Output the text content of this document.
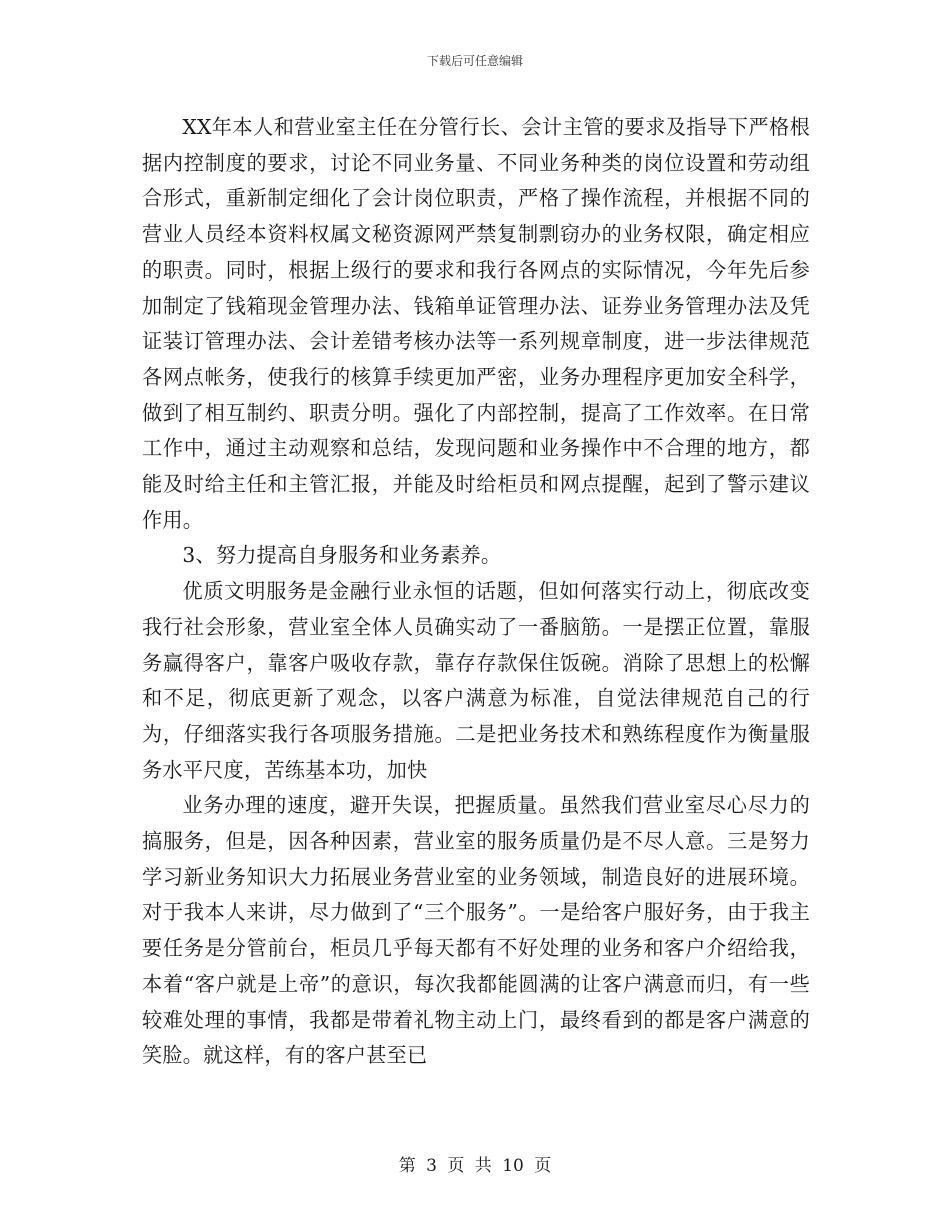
下载后可任意编辑

XX年本人和营业室主任在分管行长、会计主管的要求及指导下严格根据内控制度的要求，讨论不同业务量、不同业务种类的岗位设置和劳动组合形式，重新制定细化了会计岗位职责，严格了操作流程，并根据不同的营业人员经本资料权属文秘资源网严禁复制剽窃办的业务权限，确定相应的职责。同时，根据上级行的要求和我行各网点的实际情况，今年先后参加制定了钱箱现金管理办法、钱箱单证管理办法、证券业务管理办法及凭证装订管理办法、会计差错考核办法等一系列规章制度，进一步法律规范各网点帐务，使我行的核算手续更加严密，业务办理程序更加安全科学，做到了相互制约、职责分明。强化了内部控制，提高了工作效率。在日常工作中，通过主动观察和总结，发现问题和业务操作中不合理的地方，都能及时给主任和主管汇报，并能及时给柜员和网点提醒，起到了警示建议作用。

3、努力提高自身服务和业务素养。

优质文明服务是金融行业永恒的话题，但如何落实行动上，彻底改变我行社会形象，营业室全体人员确实动了一番脑筋。一是摆正位置，靠服务赢得客户，靠客户吸收存款，靠存存款保住饭碗。消除了思想上的松懈和不足，彻底更新了观念，以客户满意为标准，自觉法律规范自己的行为，仔细落实我行各项服务措施。二是把业务技术和熟练程度作为衡量服务水平尺度，苦练基本功，加快

业务办理的速度，避开失误，把握质量。虽然我们营业室尽心尽力的搞服务，但是，因各种因素，营业室的服务质量仍是不尽人意。三是努力学习新业务知识大力拓展业务营业室的业务领域，制造良好的进展环境。对于我本人来讲，尽力做到了“三个服务”。一是给客户服好务，由于我主要任务是分管前台，柜员几乎每天都有不好处理的业务和客户介绍给我，本着“客户就是上帝”的意识，每次我都能圆满的让客户满意而归，有一些较难处理的事情，我都是带着礼物主动上门，最终看到的都是客户满意的笑脸。就这样，有的客户甚至已

第 3 页 共 10 页
